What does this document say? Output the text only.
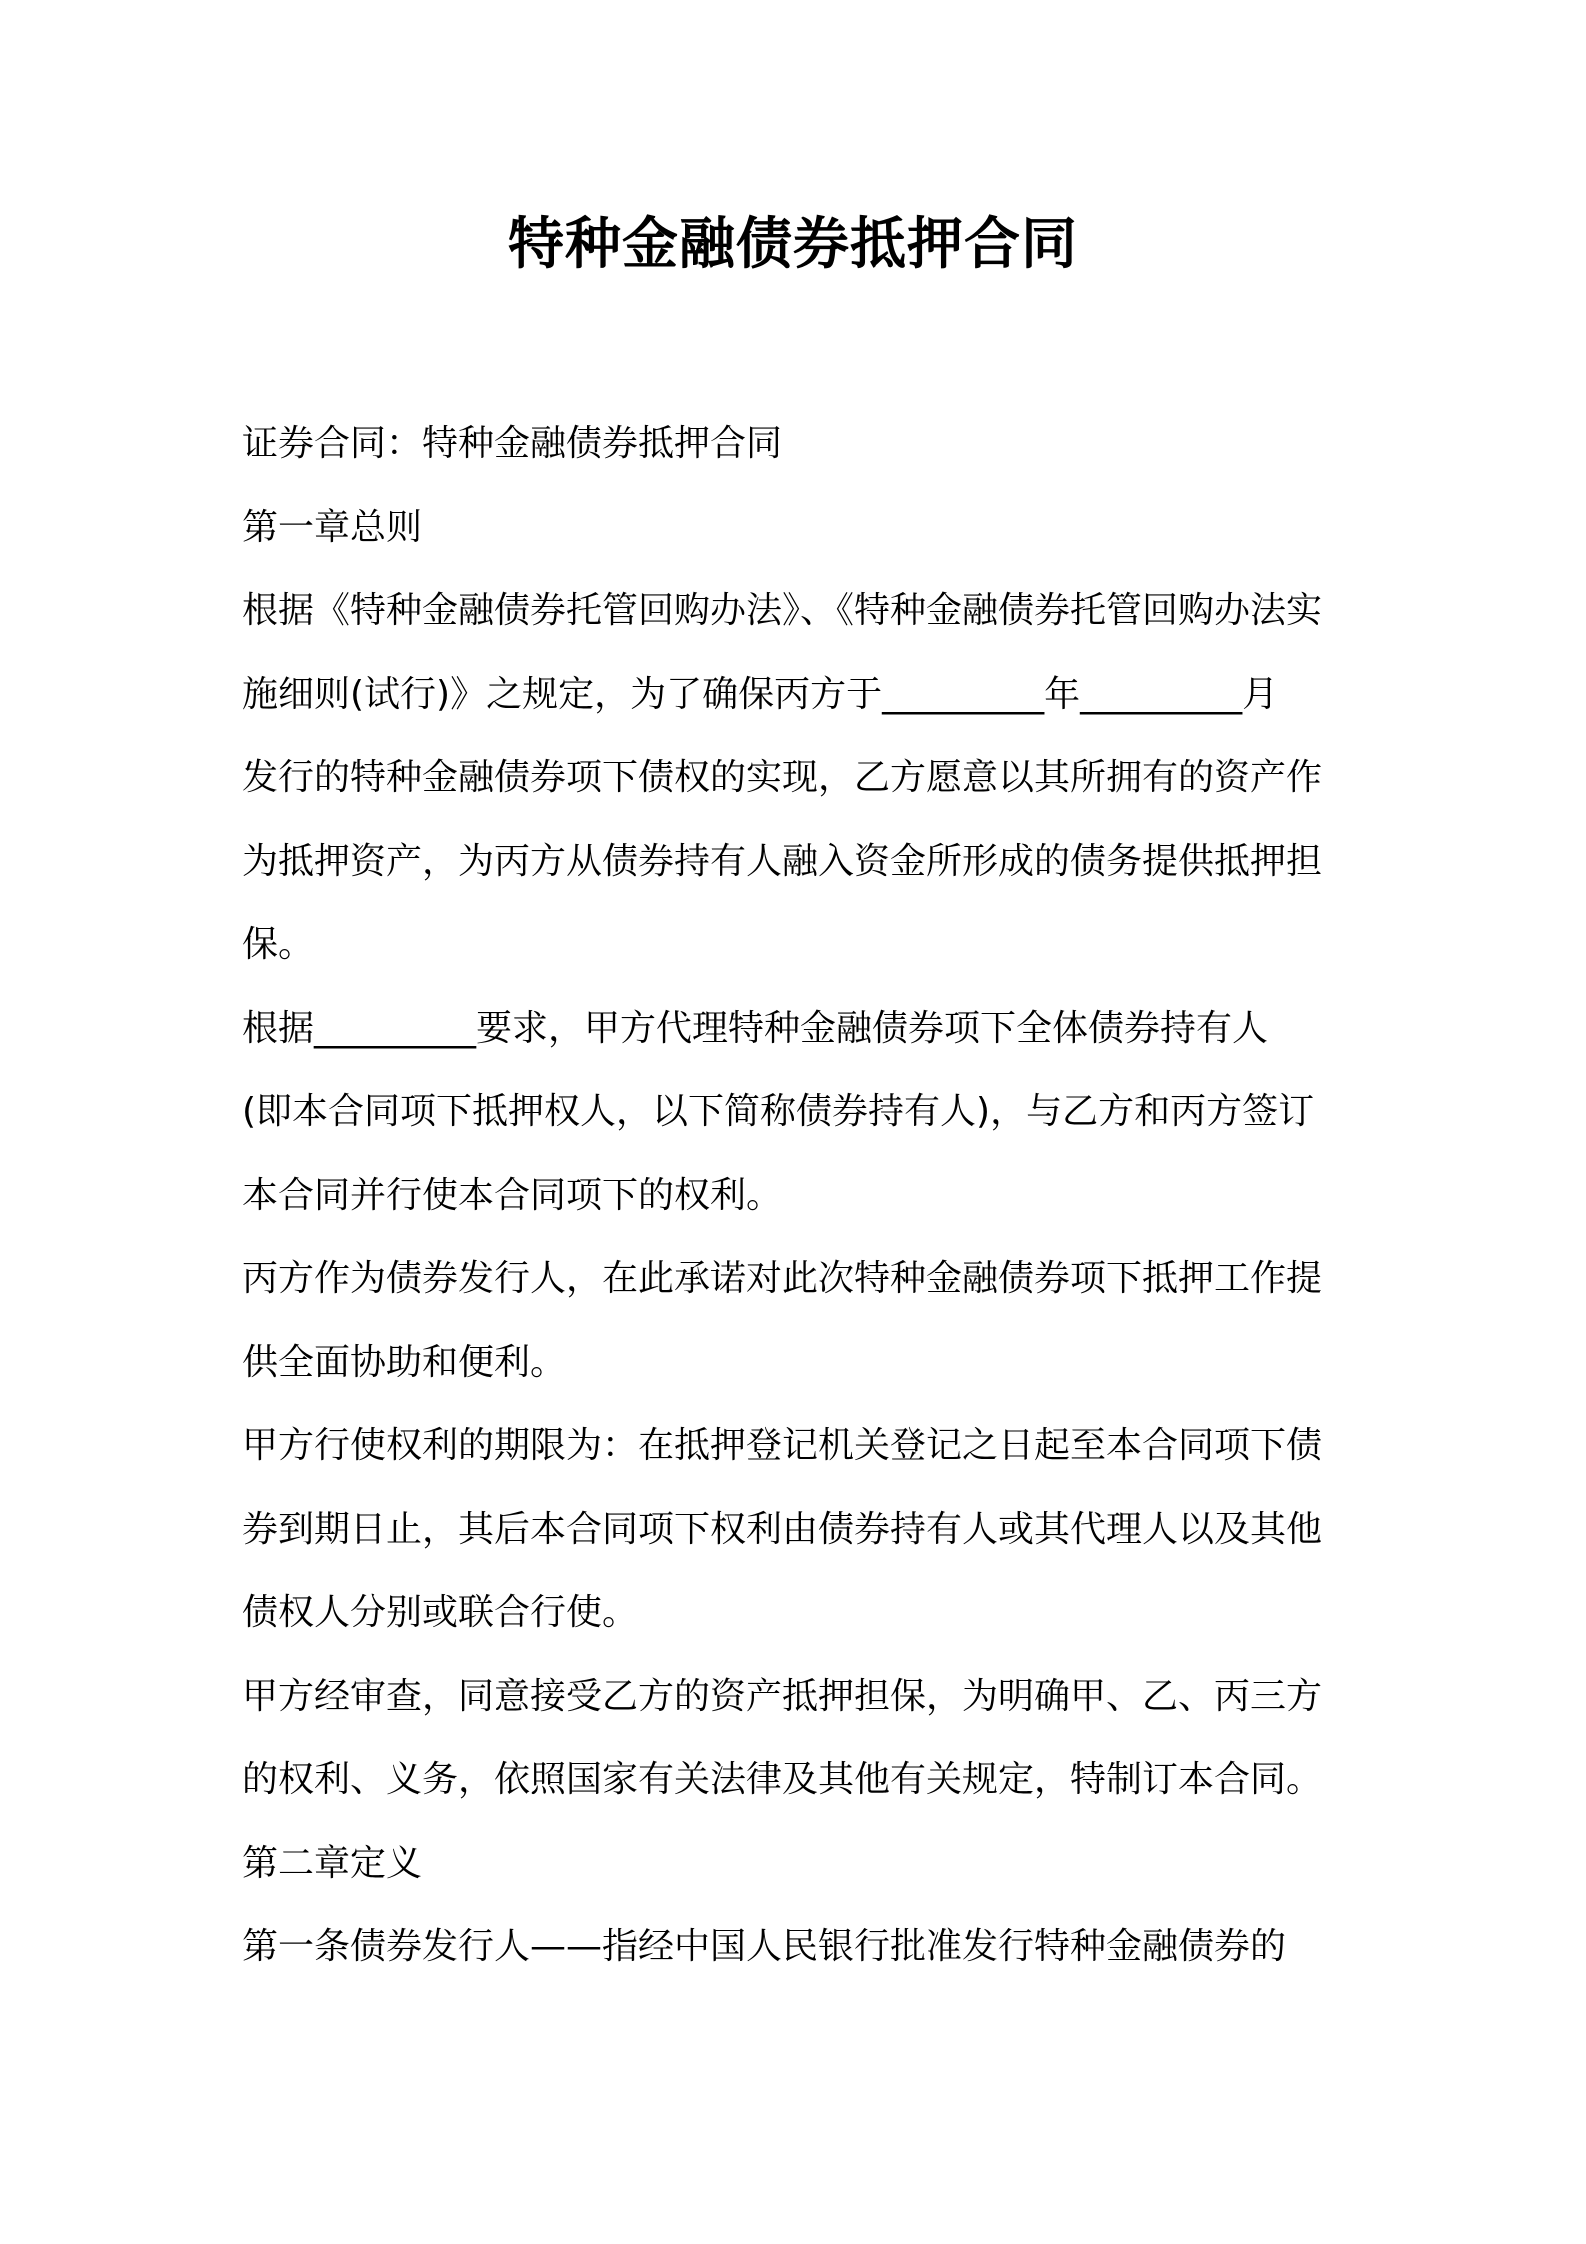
特种金融债券抵押合同
证券合同：特种金融债券抵押合同
第一章总则
根据《特种金融债券托管回购办法》、《特种金融债券托管回购办法实
施细则(试行)》之规定，为了确保丙方于_________年_________月
发行的特种金融债券项下债权的实现，乙方愿意以其所拥有的资产作
为抵押资产，为丙方从债券持有人融入资金所形成的债务提供抵押担
保。
根据_________要求，甲方代理特种金融债券项下全体债券持有人
(即本合同项下抵押权人，以下简称债券持有人)，与乙方和丙方签订
本合同并行使本合同项下的权利。
丙方作为债券发行人，在此承诺对此次特种金融债券项下抵押工作提
供全面协助和便利。
甲方行使权利的期限为：在抵押登记机关登记之日起至本合同项下债
券到期日止，其后本合同项下权利由债券持有人或其代理人以及其他
债权人分别或联合行使。
甲方经审查，同意接受乙方的资产抵押担保，为明确甲、乙、丙三方
的权利、义务，依照国家有关法律及其他有关规定，特制订本合同。
第二章定义
第一条债券发行人——指经中国人民银行批准发行特种金融债券的
